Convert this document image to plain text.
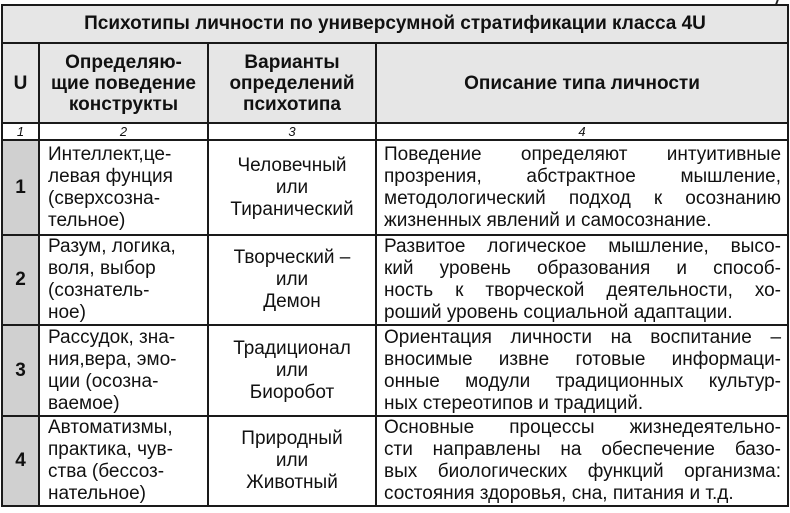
Психотипы личности по универсумной стратификации класса 4U			
U	Определяю-
щие поведение
конструкты	Варианты
определений
психотипа	Описание типа личности
1	2	3	4
1	Интеллект,це-
левая фунция
(сверхсозна-
тельное)	Человечный
или
Тиранический	Поведение определяют интуитивные
прозрения, абстрактное мышление,
методологический подход к осознанию
жизненных явлений и самосознание.

2	Разум, логика,
воля, выбор
(сознатель-
ное)	Творческий –
или
Демон	Развитое логическое мышление, высо-
кий уровень образования и способ-
ность к творческой деятельности, хо-
роший уровень социальной адаптации.

3	Рассудок, зна-
ния,вера, эмо-
ции (осозна-
ваемое)	Традиционал
или
Биоробот	Ориентация личности на воспитание –
вносимые извне готовые информаци-
онные модули традиционных культур-
ных стереотипов и традиций.

4	Автоматизмы,
практика, чув-
ства (бессоз-
нательное)	Природный
или
Животный	Основные процессы жизнедеятельно-
сти направлены на обеспечение базо-
вых биологических функций организма:
состояния здоровья, сна, питания и т.д.
